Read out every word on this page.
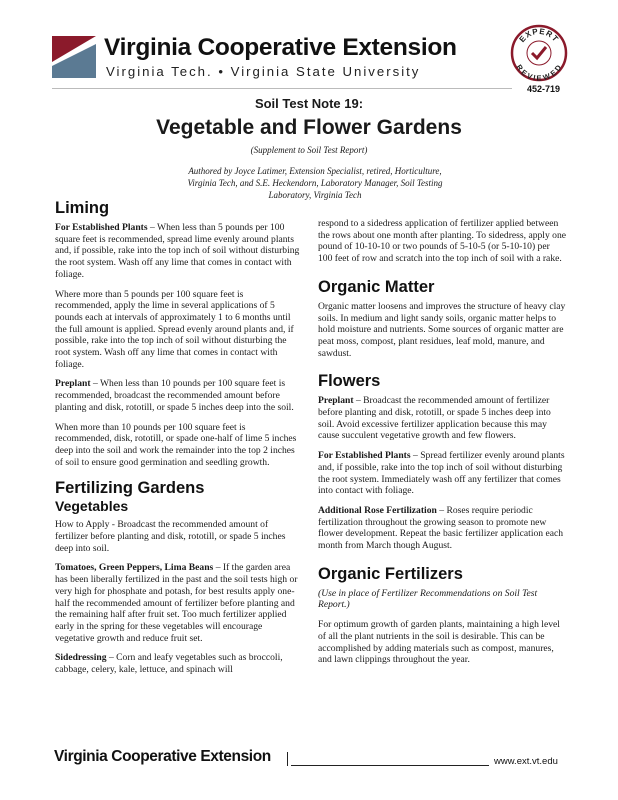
Virginia Cooperative Extension
Virginia Tech. • Virginia State University
EXPERT
REVIEWED
452-719
Soil Test Note 19:
Vegetable and Flower Gardens
(Supplement to Soil Test Report)
Authored by Joyce Latimer, Extension Specialist, retired, Horticulture,
Virginia Tech, and S.E. Heckendorn, Laboratory Manager, Soil Testing
Laboratory, Virginia Tech
Liming

For Established Plants – When less than 5 pounds per 100 square feet is recommended, spread lime evenly around plants and, if possible, rake into the top inch of soil without disturbing the root system. Wash off any lime that comes in contact with foliage.

Where more than 5 pounds per 100 square feet is recommended, apply the lime in several applications of 5 pounds each at intervals of approximately 1 to 6 months until the full amount is applied. Spread evenly around plants and, if possible, rake into the top inch of soil without disturbing the root system. Wash off any lime that comes in contact with foliage.

Preplant – When less than 10 pounds per 100 square feet is recommended, broadcast the recommended amount before planting and disk, rototill, or spade 5 inches deep into the soil.

When more than 10 pounds per 100 square feet is recommended, disk, rototill, or spade one-half of lime 5 inches deep into the soil and work the remainder into the top 2 inches of soil to ensure good germination and seedling growth.

Fertilizing Gardens
Vegetables

How to Apply - Broadcast the recommended amount of fertilizer before planting and disk, rototill, or spade 5 inches deep into soil.

Tomatoes, Green Peppers, Lima Beans – If the garden area has been liberally fertilized in the past and the soil tests high or very high for phosphate and potash, for best results apply one-half the recommended amount of fertilizer before planting and the remaining half after fruit set. Too much fertilizer applied early in the spring for these vegetables will encourage vegetative growth and reduce fruit set.

Sidedressing – Corn and leafy vegetables such as broccoli, cabbage, celery, kale, lettuce, and spinach will

respond to a sidedress application of fertilizer applied between the rows about one month after planting. To sidedress, apply one pound of 10-10-10 or two pounds of 5-10-5 (or 5-10-10) per 100 feet of row and scratch into the top inch of soil with a rake.

Organic Matter

Organic matter loosens and improves the structure of heavy clay soils. In medium and light sandy soils, organic matter helps to hold moisture and nutrients. Some sources of organic matter are peat moss, compost, plant residues, leaf mold, manure, and sawdust.

Flowers

Preplant – Broadcast the recommended amount of fertilizer before planting and disk, rototill, or spade 5 inches deep into soil. Avoid excessive fertilizer application because this may cause succulent vegetative growth and few flowers.

For Established Plants – Spread fertilizer evenly around plants and, if possible, rake into the top inch of soil without disturbing the root system. Immediately wash off any fertilizer that comes into contact with foliage.

Additional Rose Fertilization – Roses require periodic fertilization throughout the growing season to promote new flower development. Repeat the basic fertilizer application each month from March though August.

Organic Fertilizers

(Use in place of Fertilizer Recommendations on Soil Test Report.)

For optimum growth of garden plants, maintaining a high level of all the plant nutrients in the soil is desirable. This can be accomplished by adding materials such as compost, manures, and lawn clippings throughout the year.

Virginia Cooperative Extension	www.ext.vt.edu
